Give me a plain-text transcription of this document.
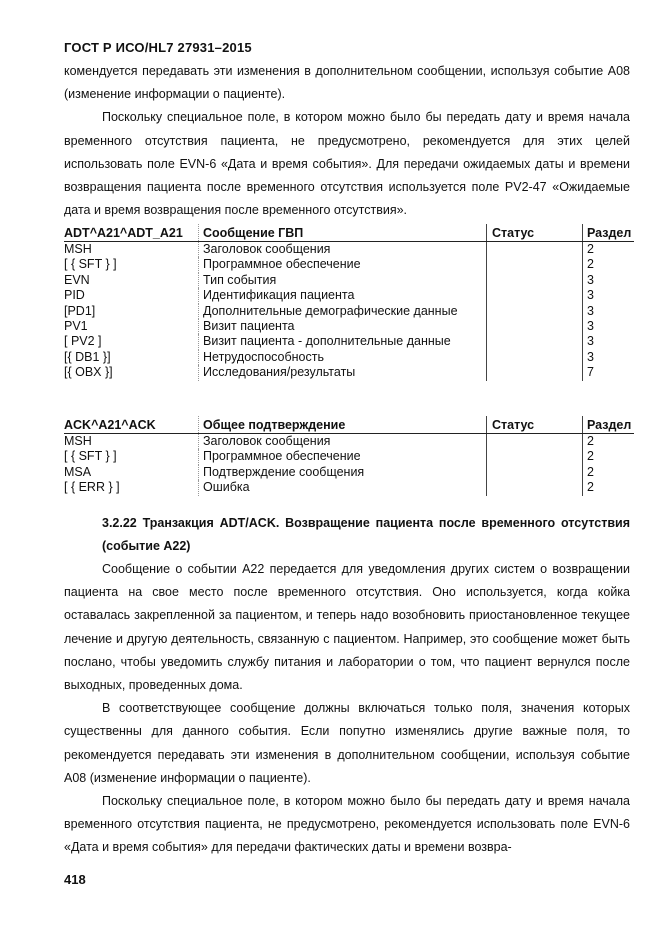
ГОСТ Р ИСО/HL7 27931–2015

комендуется передавать эти изменения в дополнительном сообщении, используя событие A08 (изменение информации о пациенте).

Поскольку специальное поле, в котором можно было бы передать дату и время начала временного отсутствия пациента, не предусмотрено, рекомендуется для этих целей использовать поле EVN-6 «Дата и время события». Для передачи ожидаемых даты и времени возвращения пациента после временного отсутствия используется поле PV2-47 «Ожидаемые дата и время возвращения после временного отсутствия».

ADT^A21^ADT_A21	Сообщение ГВП	Статус	Раздел
MSH	Заголовок сообщения		2
[ { SFT } ]	Программное обеспечение		2
EVN	Тип события		3
PID	Идентификация пациента		3
[PD1]	Дополнительные демографические данные		3
PV1	Визит пациента		3
[ PV2 ]	Визит пациента - дополнительные данные		3
[{ DB1 }]	Нетрудоспособность		3
[{ OBX }]	Исследования/результаты		7
ACK^A21^ACK	Общее подтверждение	Статус	Раздел
MSH	Заголовок сообщения		2
[ { SFT } ]	Программное обеспечение		2
MSA	Подтверждение сообщения		2
[ { ERR } ]	Ошибка		2

3.2.22 Транзакция ADT/ACK. Возвращение пациента после временного отсутствия (событие A22)

Сообщение о событии A22 передается для уведомления других систем о возвращении пациента на свое место после временного отсутствия. Оно используется, когда койка оставалась закрепленной за пациентом, и теперь надо возобновить приостановленное текущее лечение и другую деятельность, связанную с пациентом. Например, это сообщение может быть послано, чтобы уведомить службу питания и лаборатории о том, что пациент вернулся после выходных, проведенных дома.

В соответствующее сообщение должны включаться только поля, значения которых существенны для данного события. Если попутно изменялись другие важные поля, то рекомендуется передавать эти изменения в дополнительном сообщении, используя событие A08 (изменение информации о пациенте).

Поскольку специальное поле, в котором можно было бы передать дату и время начала временного отсутствия пациента, не предусмотрено, рекомендуется использовать поле EVN-6 «Дата и время события» для передачи фактических даты и времени возвра-

418
